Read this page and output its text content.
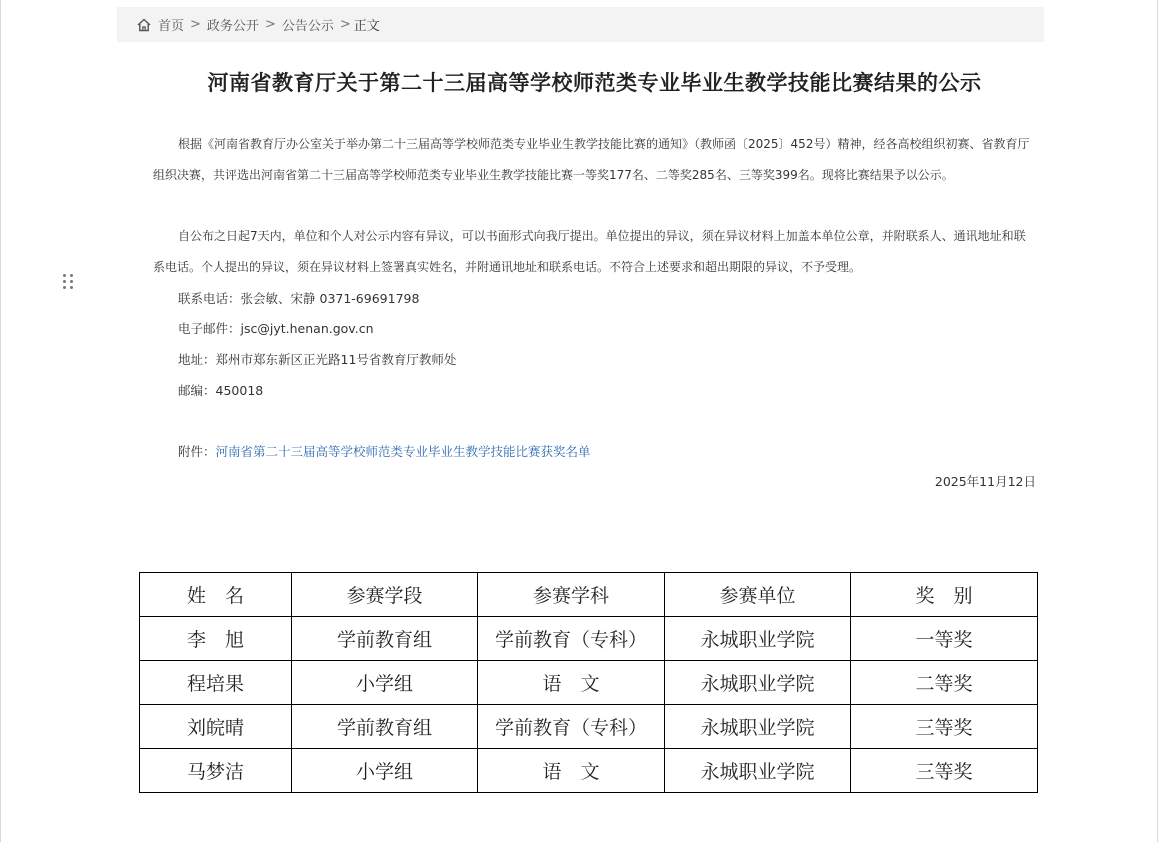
首页 > 政务公开 > 公告公示 > 正文
河南省教育厅关于第二十三届高等学校师范类专业毕业生教学技能比赛结果的公示

根据《河南省教育厅办公室关于举办第二十三届高等学校师范类专业毕业生教学技能比赛的通知》（教师函〔2025〕452号）精神，经各高校组织初赛、省教育厅组织决赛，共评选出河南省第二十三届高等学校师范类专业毕业生教学技能比赛一等奖177名、二等奖285名、三等奖399名。现将比赛结果予以公示。

自公布之日起7天内，单位和个人对公示内容有异议，可以书面形式向我厅提出。单位提出的异议，须在异议材料上加盖本单位公章，并附联系人、通讯地址和联系电话。个人提出的异议，须在异议材料上签署真实姓名，并附通讯地址和联系电话。不符合上述要求和超出期限的异议，不予受理。

联系电话：张会敏、宋静 0371-69691798
电子邮件：jsc@jyt.henan.gov.cn
地址：郑州市郑东新区正光路11号省教育厅教师处
邮编：450018
附件：河南省第二十三届高等学校师范类专业毕业生教学技能比赛获奖名单
2025年11月12日
姓　名	参赛学段	参赛学科	参赛单位	奖　别
李　旭	学前教育组	学前教育（专科）	永城职业学院	一等奖
程培果	小学组	语　文	永城职业学院	二等奖
刘皖晴	学前教育组	学前教育（专科）	永城职业学院	三等奖
马梦洁	小学组	语　文	永城职业学院	三等奖
